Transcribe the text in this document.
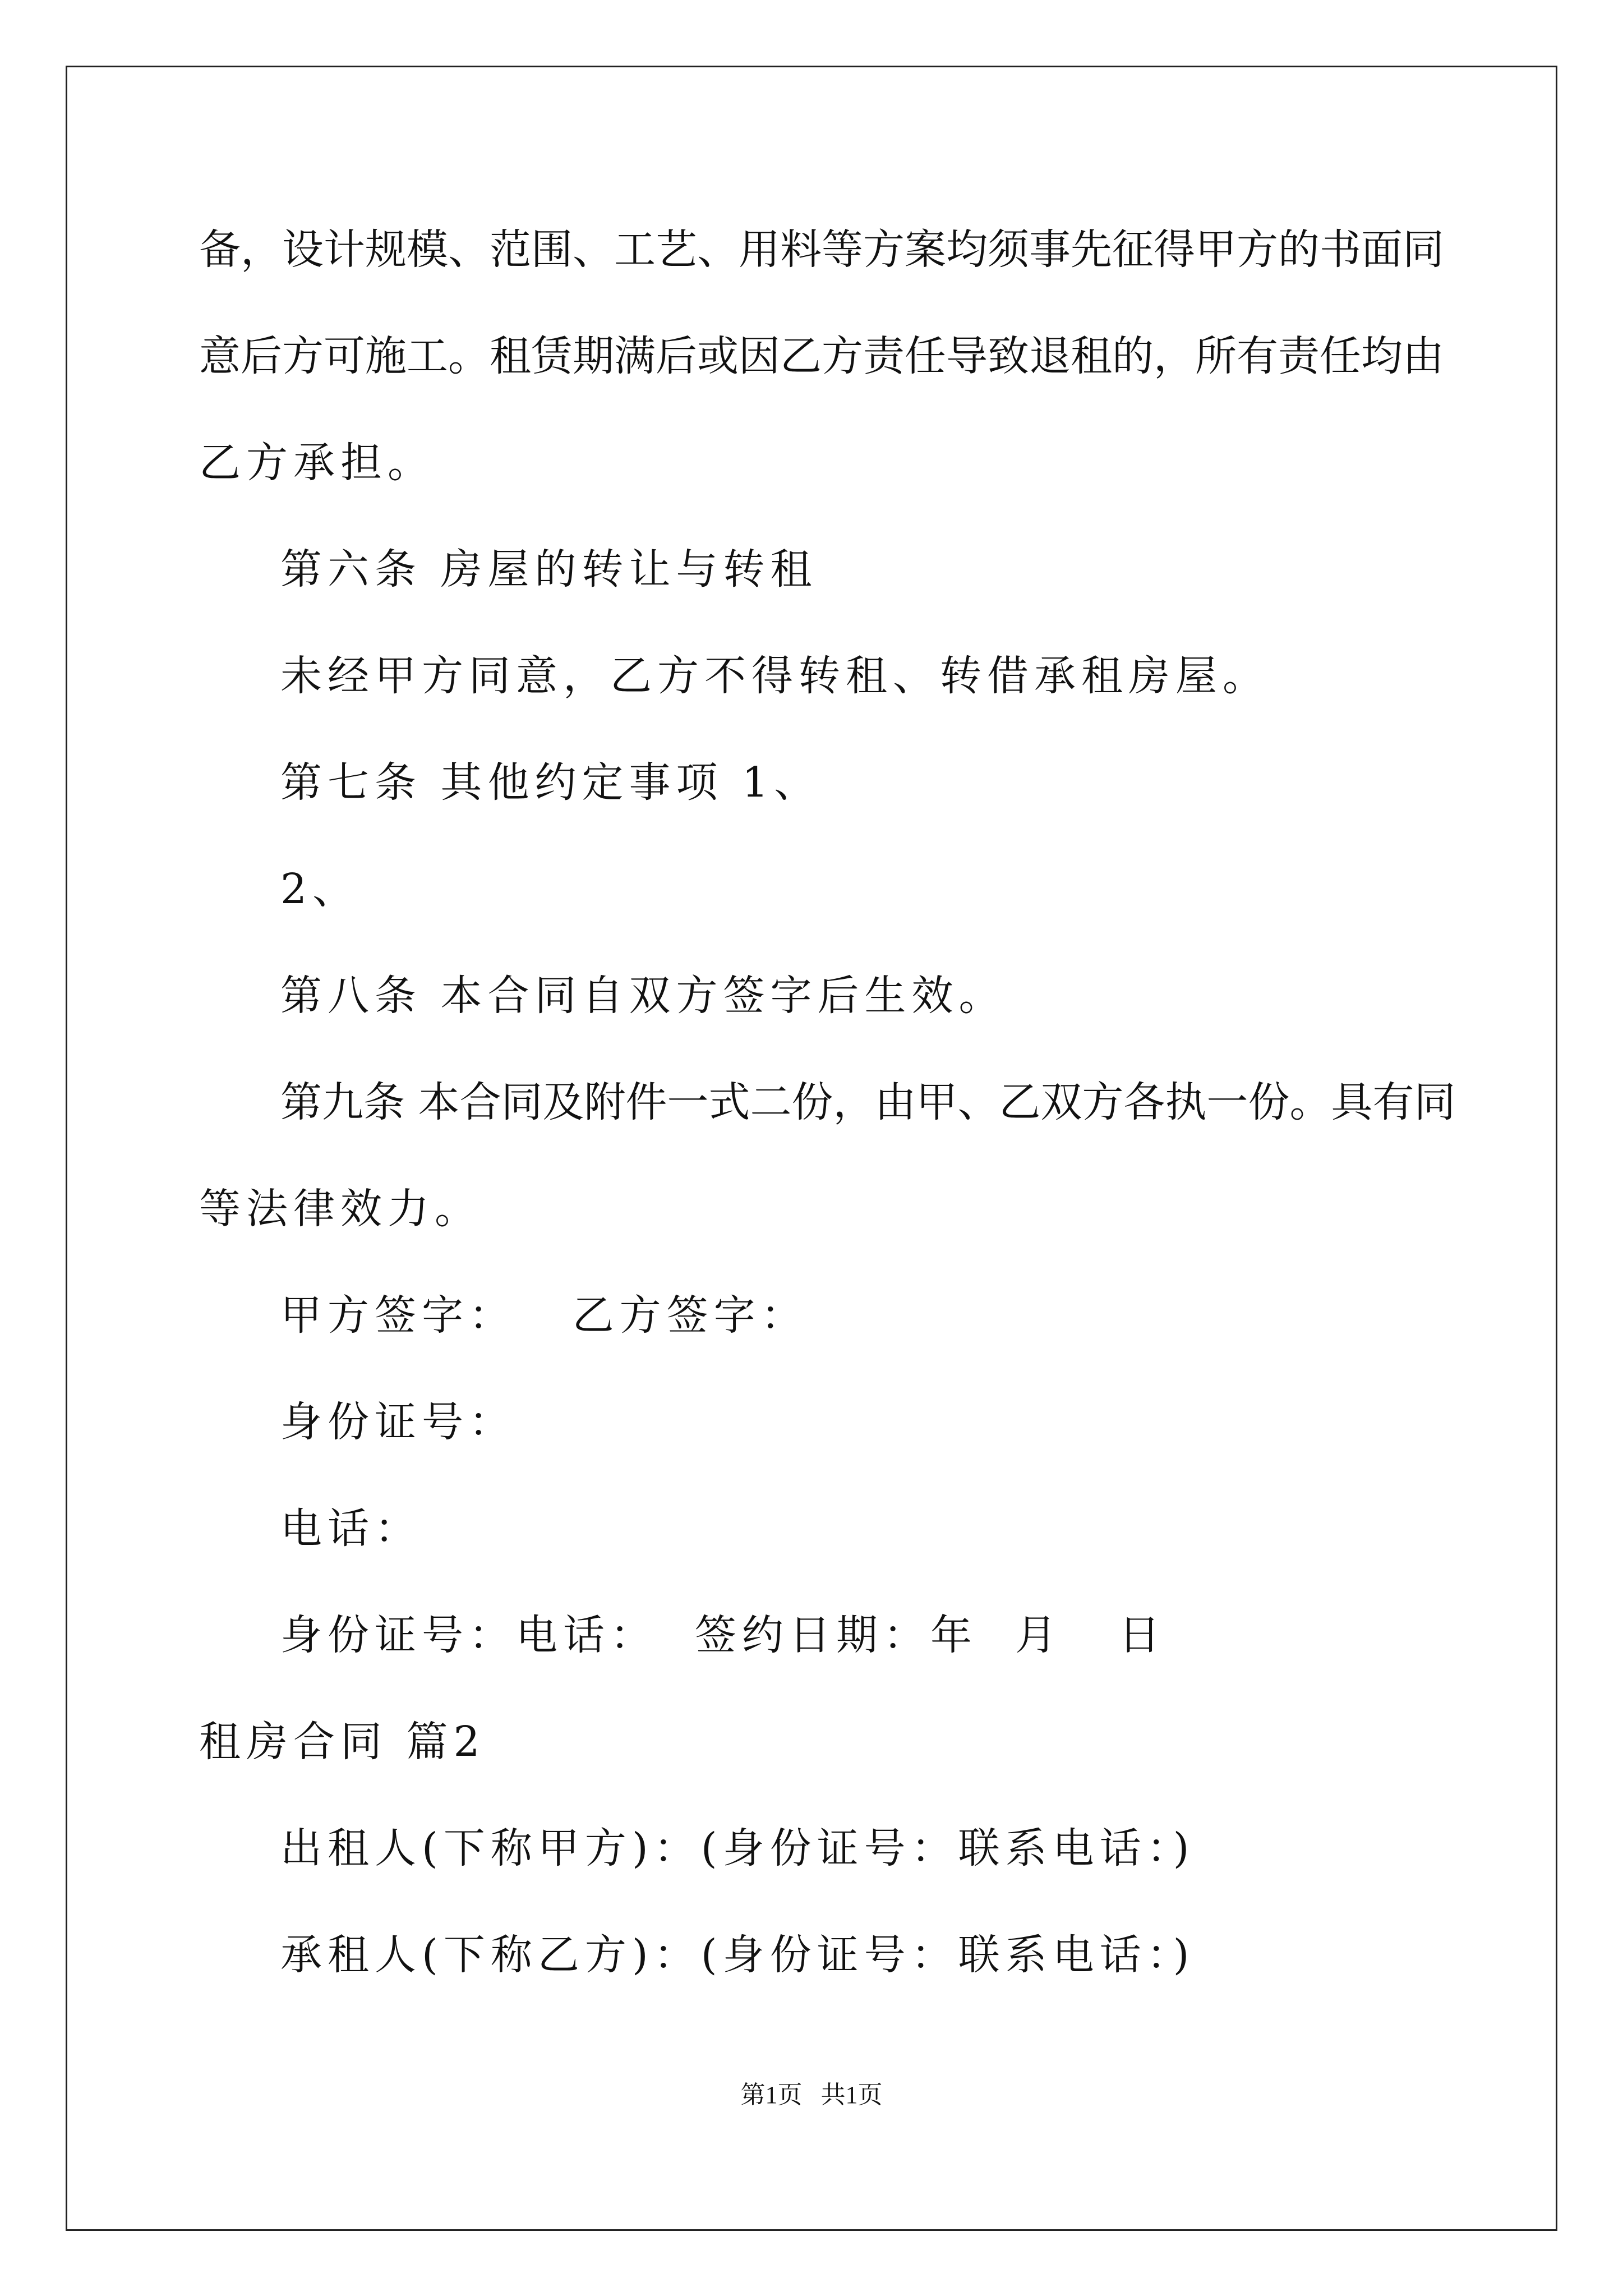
备，设计规模、范围、工艺、用料等方案均须事先征得甲方的书面同
意后方可施工。租赁期满后或因乙方责任导致退租的，所有责任均由
乙方承担。
第六条 房屋的转让与转租
未经甲方同意，乙方不得转租、转借承租房屋。
第七条 其他约定事项 1、
2、
第八条 本合同自双方签字后生效。
第九条 本合同及附件一式二份，由甲、乙双方各执一份。具有同
等法律效力。
甲方签字：   乙方签字：
身份证号：
电话：
身份证号：电话：  签约日期：年  月   日
租房合同 篇2
出租人(下称甲方)：(身份证号：联系电话：)
承租人(下称乙方)：(身份证号：联系电话：)
第1页   共1页
